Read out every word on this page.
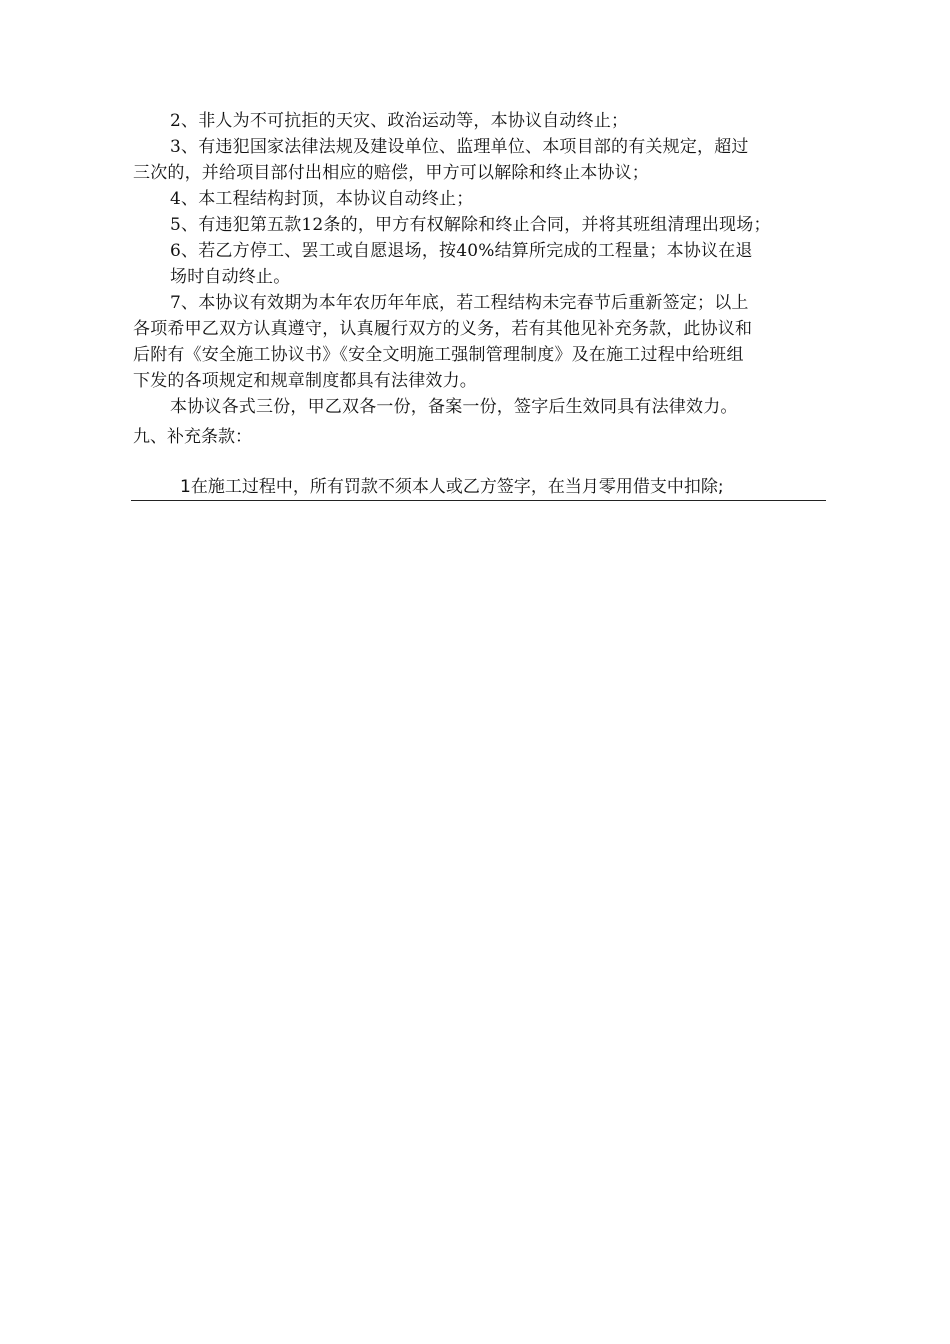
2、非人为不可抗拒的天灾、政治运动等，本协议自动终止；
3、有违犯国家法律法规及建设单位、监理单位、本项目部的有关规定，超过
三次的，并给项目部付出相应的赔偿，甲方可以解除和终止本协议；
4、本工程结构封顶，本协议自动终止；
5、有违犯第五款12条的，甲方有权解除和终止合同，并将其班组清理出现场；
6、若乙方停工、罢工或自愿退场，按40%结算所完成的工程量；本协议在退
场时自动终止。
7、本协议有效期为本年农历年年底，若工程结构未完春节后重新签定；以上
各项希甲乙双方认真遵守，认真履行双方的义务，若有其他见补充务款，此协议和
后附有《安全施工协议书》《安全文明施工强制管理制度》及在施工过程中给班组
下发的各项规定和规章制度都具有法律效力。
本协议各式三份，甲乙双各一份，备案一份，签字后生效同具有法律效力。
九、补充条款：
1在施工过程中，所有罚款不须本人或乙方签字，在当月零用借支中扣除;
